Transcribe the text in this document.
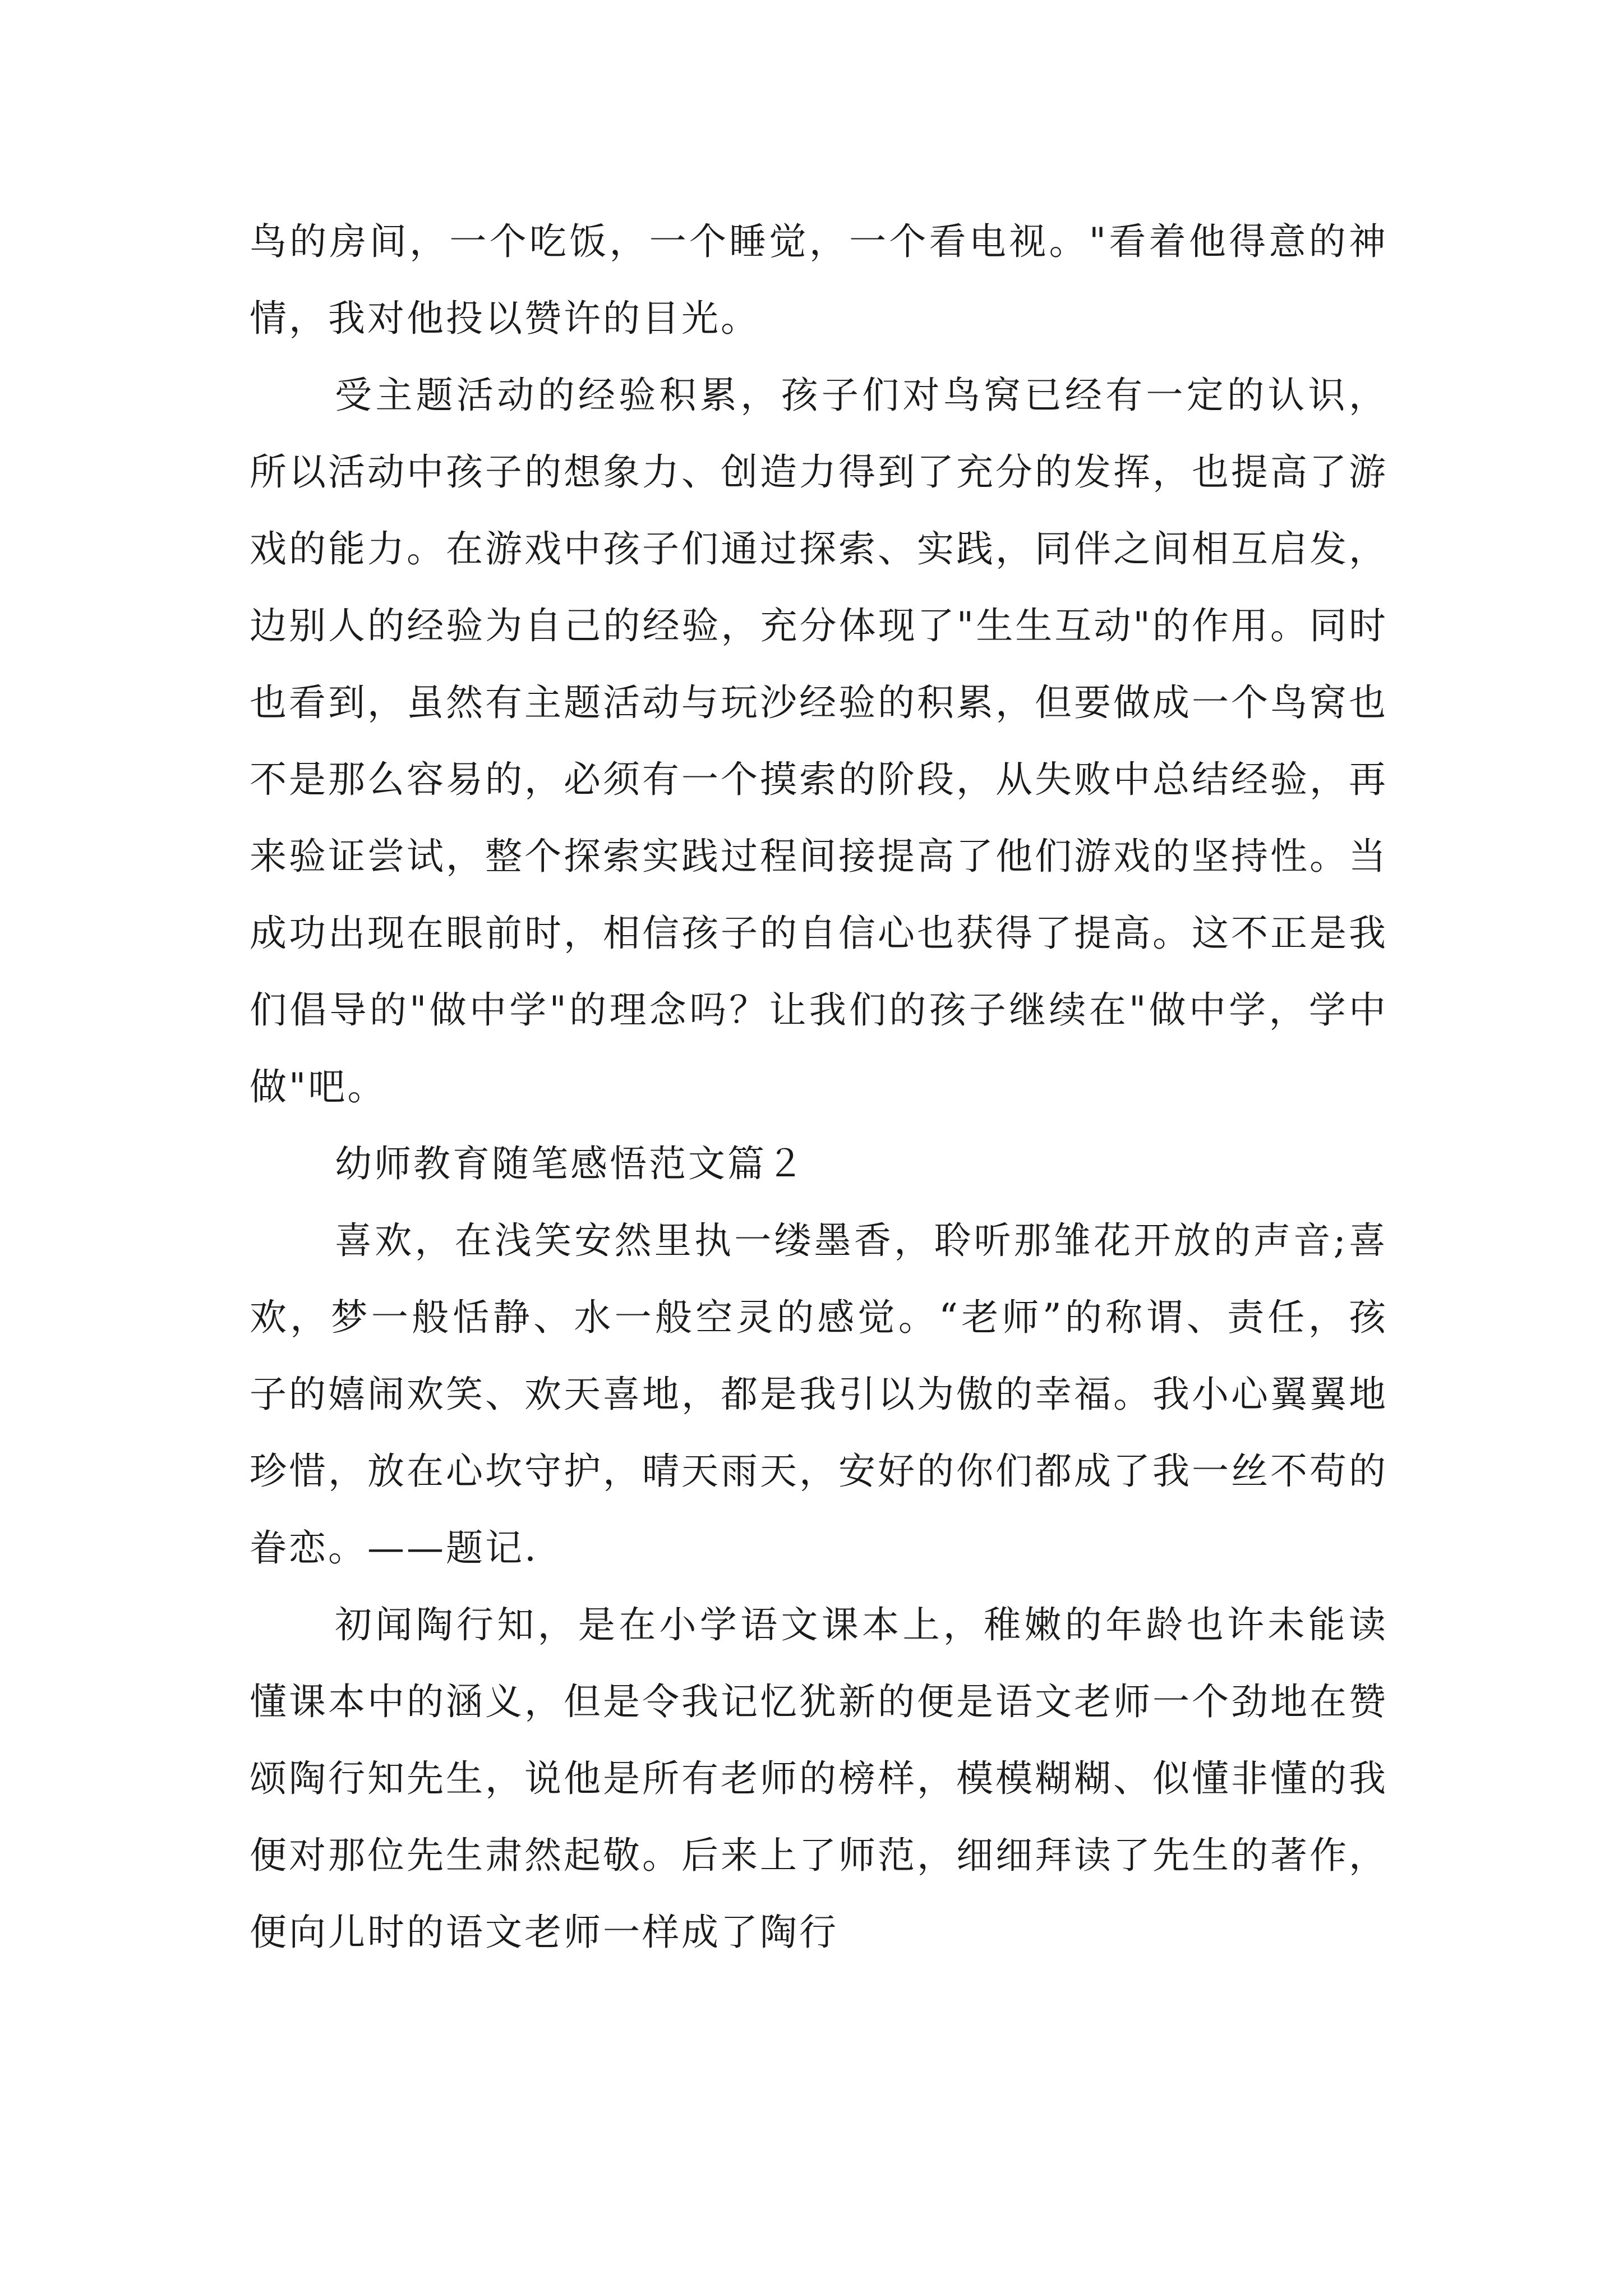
鸟的房间，一个吃饭，一个睡觉，一个看电视。"看着他得意的神情，我对他投以赞许的目光。

受主题活动的经验积累，孩子们对鸟窝已经有一定的认识，所以活动中孩子的想象力、创造力得到了充分的发挥，也提高了游戏的能力。在游戏中孩子们通过探索、实践，同伴之间相互启发，边别人的经验为自己的经验，充分体现了"生生互动"的作用。同时也看到，虽然有主题活动与玩沙经验的积累，但要做成一个鸟窝也不是那么容易的，必须有一个摸索的阶段，从失败中总结经验，再来验证尝试，整个探索实践过程间接提高了他们游戏的坚持性。当成功出现在眼前时，相信孩子的自信心也获得了提高。这不正是我们倡导的"做中学"的理念吗？让我们的孩子继续在"做中学，学中做"吧。

幼师教育随笔感悟范文篇２

喜欢，在浅笑安然里执一缕墨香，聆听那雏花开放的声音;喜欢，梦一般恬静、水一般空灵的感觉。“老师”的称谓、责任，孩子的嬉闹欢笑、欢天喜地，都是我引以为傲的幸福。我小心翼翼地珍惜，放在心坎守护，晴天雨天，安好的你们都成了我一丝不苟的眷恋。——题记.

初闻陶行知，是在小学语文课本上，稚嫩的年龄也许未能读懂课本中的涵义，但是令我记忆犹新的便是语文老师一个劲地在赞颂陶行知先生，说他是所有老师的榜样，模模糊糊、似懂非懂的我便对那位先生肃然起敬。后来上了师范，细细拜读了先生的著作，便向儿时的语文老师一样成了陶行
